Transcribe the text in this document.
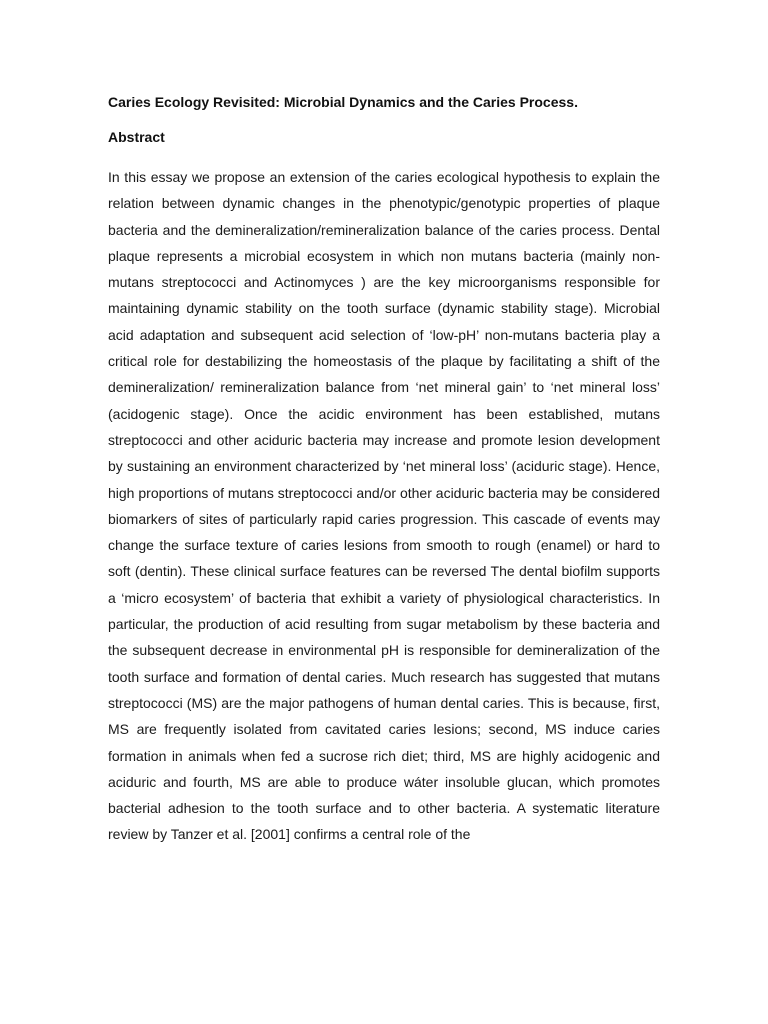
Caries Ecology Revisited: Microbial Dynamics and the Caries Process.
Abstract

In this essay we propose an extension of the caries ecological hypothesis to explain the relation between dynamic changes in the phenotypic/genotypic properties of plaque bacteria and the demineralization/remineralization balance of the caries process. Dental plaque represents a microbial ecosystem in which non mutans bacteria (mainly non-mutans streptococci and Actinomyces ) are the key microorganisms responsible for maintaining dynamic stability on the tooth surface (dynamic stability stage). Microbial acid adaptation and subsequent acid selection of ‘low-pH’ non-mutans bacteria play a critical role for destabilizing the homeostasis of the plaque by facilitating a shift of the demineralization/ remineralization balance from ‘net mineral gain’ to ‘net mineral loss’ (acidogenic stage). Once the acidic environment has been established, mutans streptococci and other aciduric bacteria may increase and promote lesion development by sustaining an environment characterized by ‘net mineral loss’ (aciduric stage). Hence, high proportions of mutans streptococci and/or other aciduric bacteria may be considered biomarkers of sites of particularly rapid caries progression. This cascade of events may change the surface texture of caries lesions from smooth to rough (enamel) or hard to soft (dentin). These clinical surface features can be reversed The dental biofilm supports a ‘micro ecosystem’ of bacteria that exhibit a variety of physiological characteristics. In particular, the production of acid resulting from sugar metabolism by these bacteria and the subsequent decrease in environmental pH is responsible for demineralization of the tooth surface and formation of dental caries. Much research has suggested that mutans streptococci (MS) are the major pathogens of human dental caries. This is because, first, MS are frequently isolated from cavitated caries lesions; second, MS induce caries formation in animals when fed a sucrose rich diet; third, MS are highly acidogenic and aciduric and fourth, MS are able to produce wáter insoluble glucan, which promotes bacterial adhesion to the tooth surface and to other bacteria. A systematic literature review by Tanzer et al. [2001] confirms a central role of the
